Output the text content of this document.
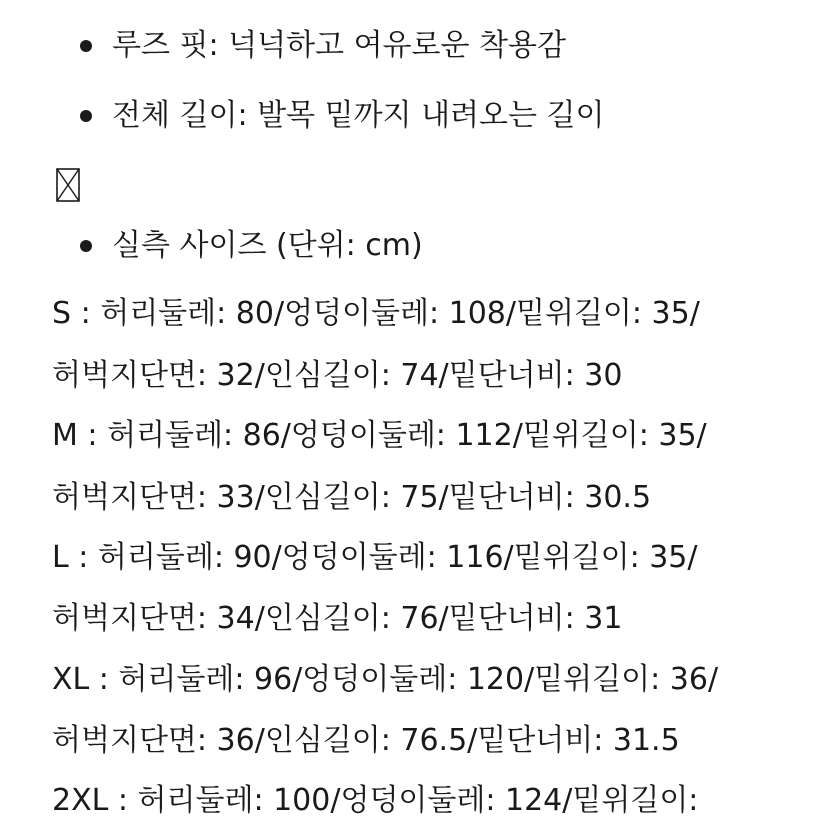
루즈 핏: 넉넉하고 여유로운 착용감
전체 길이: 발목 밑까지 내려오는 길이
실측 사이즈 (단위: cm)
S : 허리둘레: 80/엉덩이둘레: 108/밑위길이: 35/
허벅지단면: 32/인심길이: 74/밑단너비: 30
M : 허리둘레: 86/엉덩이둘레: 112/밑위길이: 35/
허벅지단면: 33/인심길이: 75/밑단너비: 30.5
L : 허리둘레: 90/엉덩이둘레: 116/밑위길이: 35/
허벅지단면: 34/인심길이: 76/밑단너비: 31
XL : 허리둘레: 96/엉덩이둘레: 120/밑위길이: 36/
허벅지단면: 36/인심길이: 76.5/밑단너비: 31.5
2XL : 허리둘레: 100/엉덩이둘레: 124/밑위길이:
